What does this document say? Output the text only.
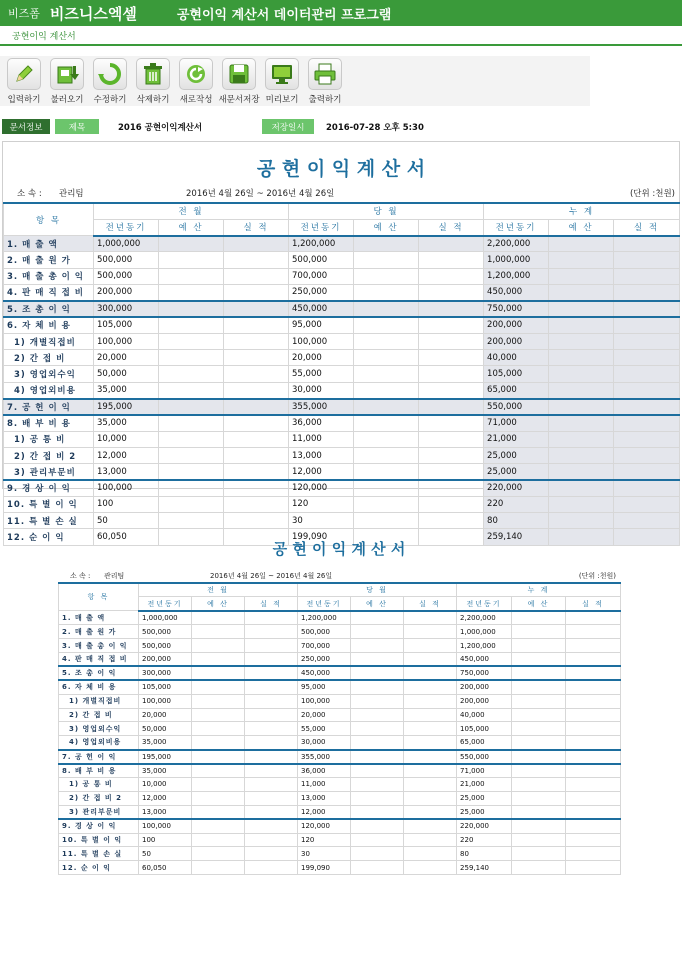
비즈폼 비즈니스엑셀	공현이익 계산서 데이터관리 프로그램
공현이익 계산서
입력하기	불러오기	수정하기	삭제하기	새로작성 새문서저장 미리보기	출력하기
문서정보	제목	2016 공현이익계산서	저장일시	2016-07-28 오후 5:30
공 현 이 익 계 산 서
소 속 : 관리팀	2016년 4월 26일 ~ 2016년 4월 26일	(단위 :천원)
항 목	전 월			당 월			누 계		
	전년동기	예 산	실 적	전년동기	예 산	실 적	전년동기	예 산	실 적
1. 매 출 액	1,000,000			1,200,000			2,200,000		
2. 매 출 원 가	500,000			500,000			1,000,000		
3. 매 출 총 이 익	500,000			700,000			1,200,000		
4. 판 매 직 접 비	200,000			250,000			450,000		
5. 조 총 이 익	300,000			450,000			750,000		
6. 자 체 비 용	105,000			95,000			200,000		
1) 개별직접비	100,000			100,000			200,000		
2) 간 접 비	20,000			20,000			40,000		
3) 영업외수익	50,000			55,000			105,000		
4) 영업외비용	35,000			30,000			65,000		
7. 공 헌 이 익	195,000			355,000			550,000		
8. 배 부 비 용	35,000			36,000			71,000		
1) 공 통 비	10,000			11,000			21,000		
2) 간 접 비 2	12,000			13,000			25,000		
3) 관리부문비	13,000			12,000			25,000		
9. 경 상 이 익	100,000			120,000			220,000		
10. 특 별 이 익	100			120			220		
11. 특 별 손 실	50			30			80		
12. 순 이 익	60,050			199,090			259,140		
공 현 이 익 계 산 서
소 속 : 관리팀	2016년 4월 26일 ~ 2016년 4월 26일	(단위 :천원)
항 목	전 월			당 월			누 계		
	전년동기	예 산	실 적	전년동기	예 산	실 적	전년동기	예 산	실 적
1. 매 출 액	1,000,000			1,200,000			2,200,000		
2. 매 출 원 가	500,000			500,000			1,000,000		
3. 매 출 총 이 익	500,000			700,000			1,200,000		
4. 판 매 직 접 비	200,000			250,000			450,000		
5. 조 총 이 익	300,000			450,000			750,000		
6. 자 체 비 용	105,000			95,000			200,000		
1) 개별직접비	100,000			100,000			200,000		
2) 간 접 비	20,000			20,000			40,000		
3) 영업외수익	50,000			55,000			105,000		
4) 영업외비용	35,000			30,000			65,000		
7. 공 헌 이 익	195,000			355,000			550,000		
8. 배 부 비 용	35,000			36,000			71,000		
1) 공 통 비	10,000			11,000			21,000		
2) 간 접 비 2	12,000			13,000			25,000		
3) 관리부문비	13,000			12,000			25,000		
9. 경 상 이 익	100,000			120,000			220,000		
10. 특 별 이 익	100			120			220		
11. 특 별 손 실	50			30			80		
12. 순 이 익	60,050			199,090			259,140		
